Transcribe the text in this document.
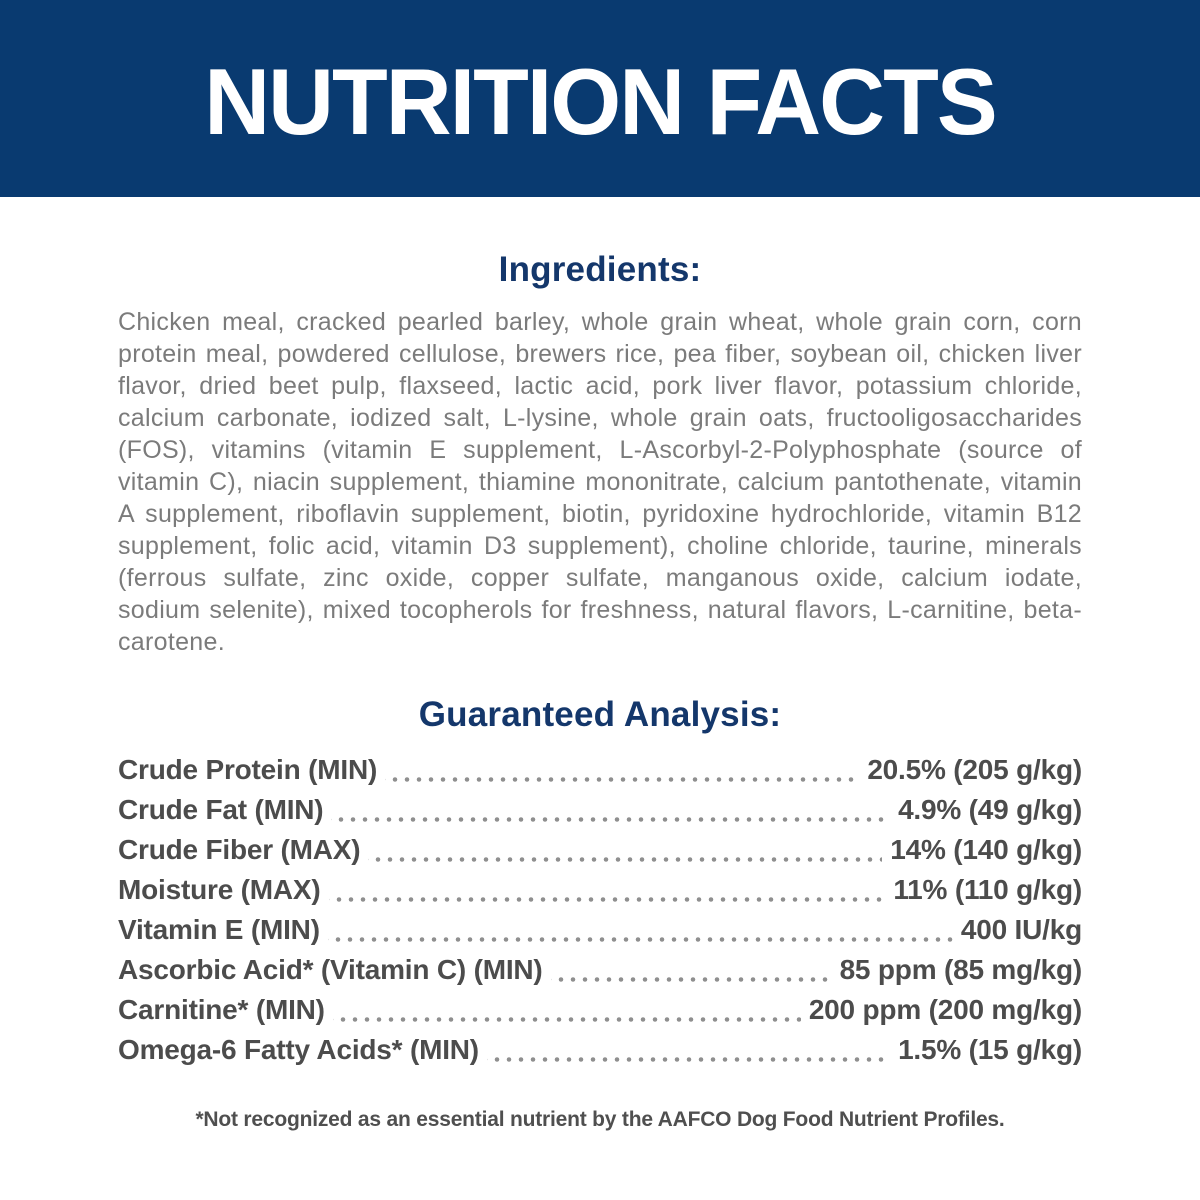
NUTRITION FACTS
Ingredients:

Chicken meal, cracked pearled barley, whole grain wheat, whole grain corn, corn protein meal, powdered cellulose, brewers rice, pea fiber, soybean oil, chicken liver flavor, dried beet pulp, flaxseed, lactic acid, pork liver flavor, potassium chloride, calcium carbonate, iodized salt, L-lysine, whole grain oats, fructooligosaccharides (FOS), vitamins (vitamin E supplement, L-Ascorbyl-2-Polyphosphate (source of vitamin C), niacin supplement, thiamine mononitrate, calcium pantothenate, vitamin A supplement, riboflavin supplement, biotin, pyridoxine hydrochloride, vitamin B12 supplement, folic acid, vitamin D3 supplement), choline chloride, taurine, minerals (ferrous sulfate, zinc oxide, copper sulfate, manganous oxide, calcium iodate, sodium selenite), mixed tocopherols for freshness, natural flavors, L-carnitine, beta-carotene.

Guaranteed Analysis:
Crude Protein (MIN)	20.5% (205 g/kg)
Crude Fat (MIN)	4.9% (49 g/kg)
Crude Fiber (MAX)	14% (140 g/kg)
Moisture (MAX)	11% (110 g/kg)
Vitamin E (MIN)	400 IU/kg
Ascorbic Acid* (Vitamin C) (MIN)	85 ppm (85 mg/kg)
Carnitine* (MIN)	200 ppm (200 mg/kg)
Omega-6 Fatty Acids* (MIN)	1.5% (15 g/kg)
*Not recognized as an essential nutrient by the AAFCO Dog Food Nutrient Profiles.
